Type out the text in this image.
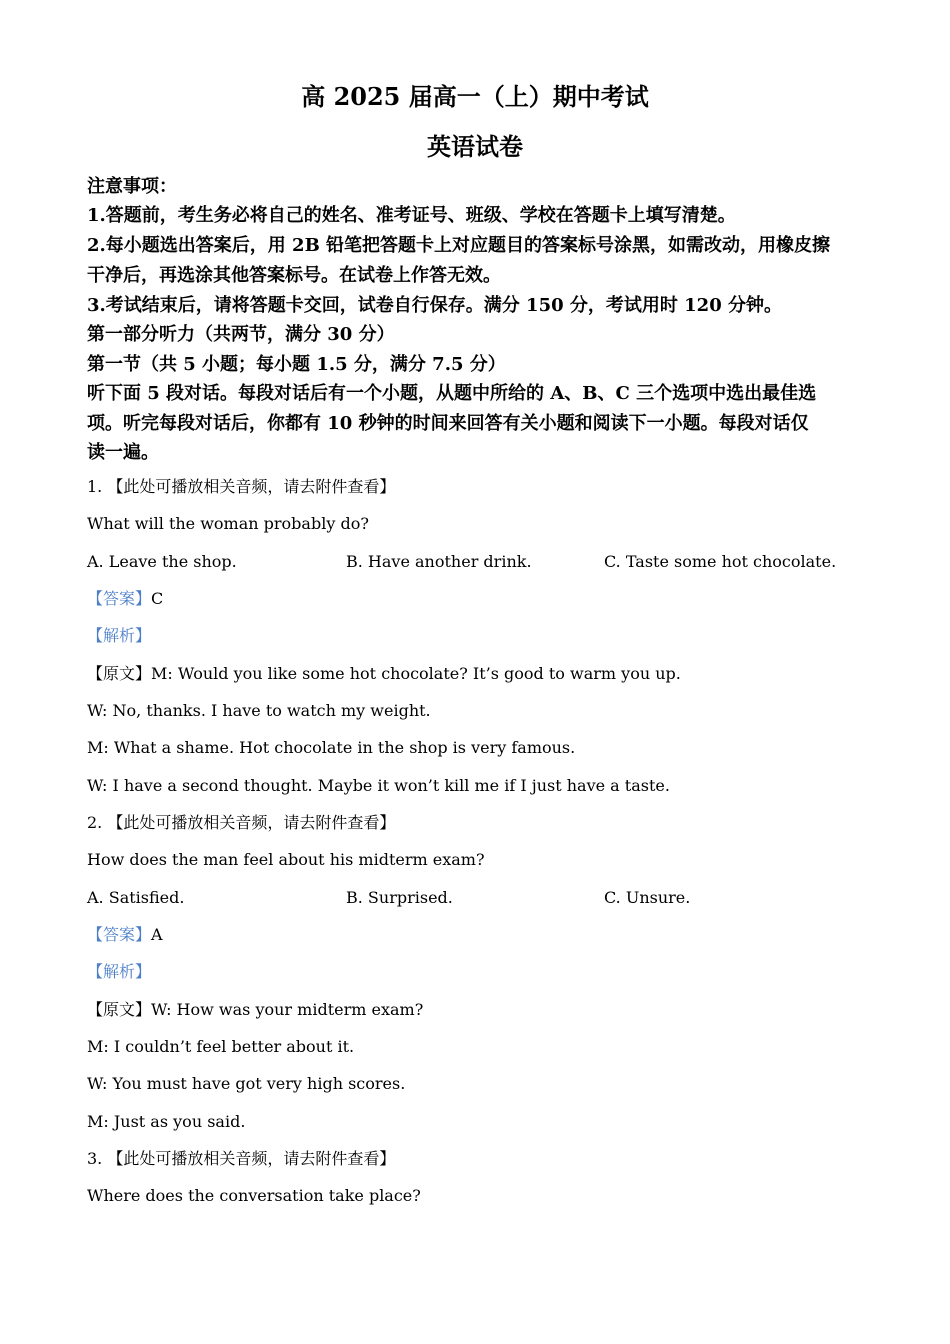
高 2025 届高一（上）期中考试
英语试卷
注意事项：
1.答题前，考生务必将自己的姓名、准考证号、班级、学校在答题卡上填写清楚。
2.每小题选出答案后，用 2B 铅笔把答题卡上对应题目的答案标号涂黑，如需改动，用橡皮擦
干净后，再选涂其他答案标号。在试卷上作答无效。
3.考试结束后，请将答题卡交回，试卷自行保存。满分 150 分，考试用时 120 分钟。
第一部分听力（共两节，满分 30 分）
第一节（共 5 小题；每小题 1.5 分，满分 7.5 分）
听下面 5 段对话。每段对话后有一个小题，从题中所给的 A、B、C 三个选项中选出最佳选
项。听完每段对话后，你都有 10 秒钟的时间来回答有关小题和阅读下一小题。每段对话仅
读一遍。
1. 【此处可播放相关音频，请去附件查看】
What will the woman probably do?
A. Leave the shop.	B. Have another drink.	C. Taste some hot chocolate.
【答案】C
【解析】
【原文】M: Would you like some hot chocolate? It’s good to warm you up.
W: No, thanks. I have to watch my weight.
M: What a shame. Hot chocolate in the shop is very famous.
W: I have a second thought. Maybe it won’t kill me if I just have a taste.
2. 【此处可播放相关音频，请去附件查看】
How does the man feel about his midterm exam?
A. Satisfied.	B. Surprised.	C. Unsure.
【答案】A
【解析】
【原文】W: How was your midterm exam?
M: I couldn’t feel better about it.
W: You must have got very high scores.
M: Just as you said.
3. 【此处可播放相关音频，请去附件查看】
Where does the conversation take place?
